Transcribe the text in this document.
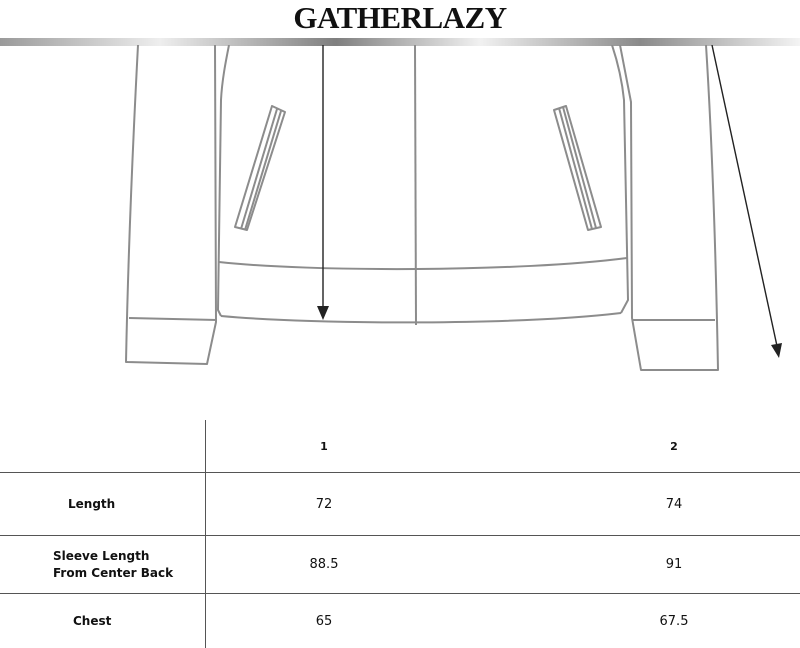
GATHERLAZY
		1	2
Length		72	74
Sleeve Length
From Center Back		88.5	91
Chest		65	67.5
